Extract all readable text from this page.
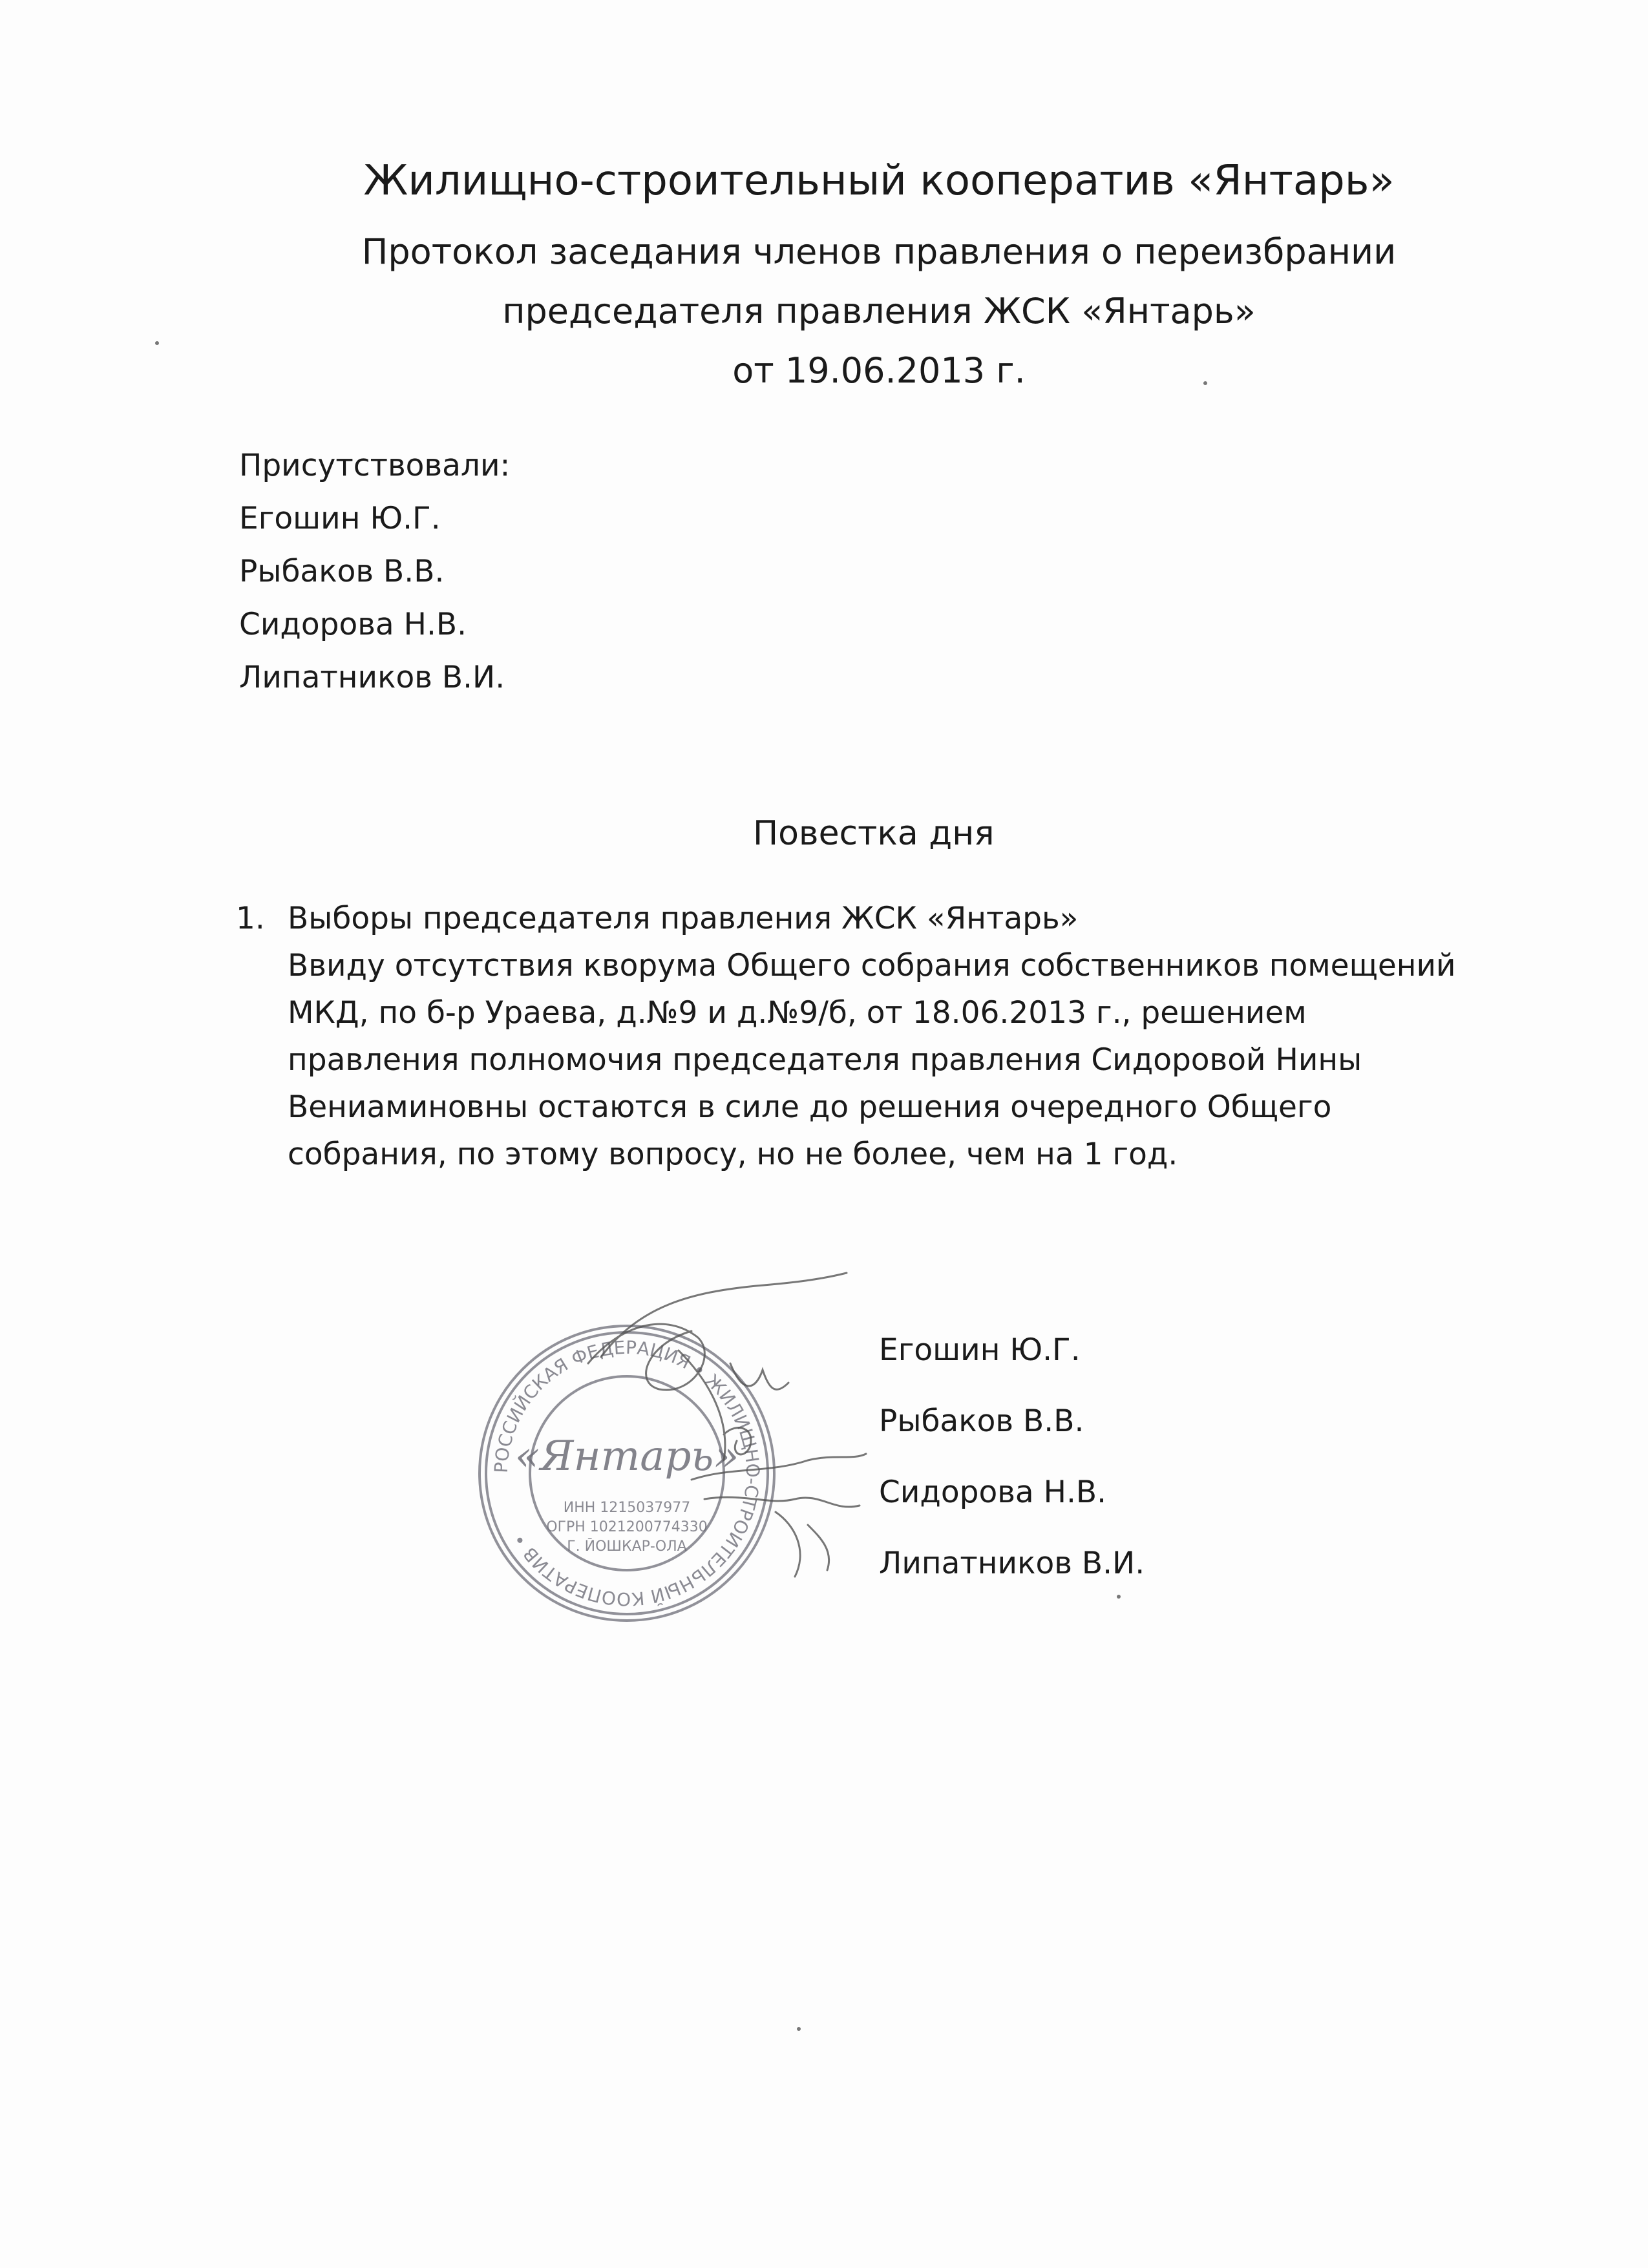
Жилищно-строительный кооператив «Янтарь»
Протокол заседания членов правления о переизбрании
председателя правления ЖСК «Янтарь»
от 19.06.2013 г.
Присутствовали:
Егошин Ю.Г.
Рыбаков В.В.
Сидорова Н.В.
Липатников В.И.
Повестка дня
1. Выборы председателя правления ЖСК «Янтарь»
Ввиду отсутствия кворума Общего собрания собственников помещений
МКД, по б-р Ураева, д.№9 и д.№9/б, от 18.06.2013 г., решением
правления полномочия председателя правления Сидоровой Нины
Вениаминовны остаются в силе до решения очередного Общего
собрания, по этому вопросу, но не более, чем на 1 год.
РОССИЙСКАЯ ФЕДЕРАЦИЯ • ЖИЛИЩНО-СТРОИТЕЛЬНЫЙ КООПЕРАТИВ •
«Янтарь»
ИНН 1215037977
ОГРН 1021200774330
Г. ЙОШКАР-ОЛА
Егошин Ю.Г.
Рыбаков В.В.
Сидорова Н.В.
Липатников В.И.
